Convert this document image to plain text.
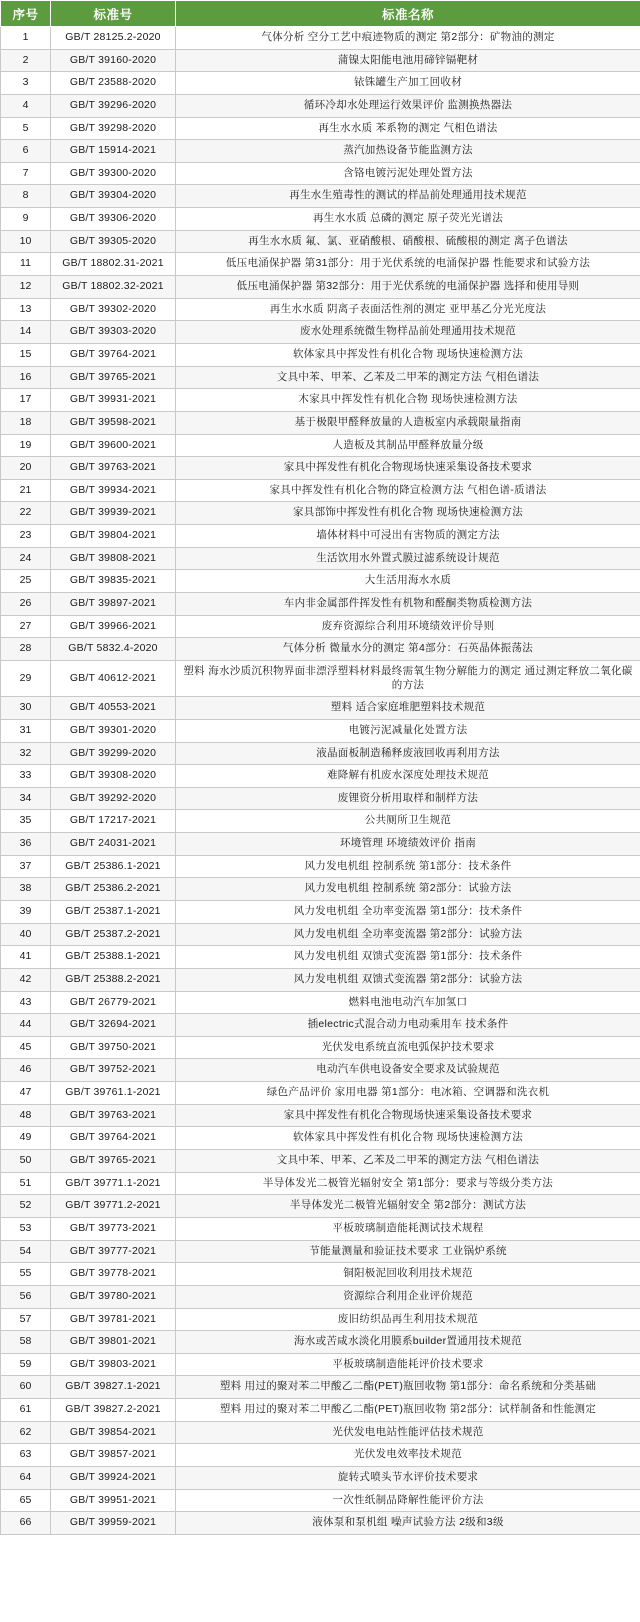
序号	标准号	标准名称
1	GB/T 28125.2-2020	气体分析 空分工艺中痕迹物质的测定 第2部分：矿物油的测定
2	GB/T 39160-2020	蒲镍太阳能电池用碲锌镉靶材
3	GB/T 23588-2020	铱铢罐生产加工回收材
4	GB/T 39296-2020	循环冷却水处理运行效果评价 监测换热器法
5	GB/T 39298-2020	再生水水质 苯系物的测定 气相色谱法
6	GB/T 15914-2021	蒸汽加热设备节能监测方法
7	GB/T 39300-2020	含铬电镀污泥处理处置方法
8	GB/T 39304-2020	再生水生殖毒性的测试的样品前处理通用技术规范
9	GB/T 39306-2020	再生水水质 总磷的测定 原子荧光光谱法
10	GB/T 39305-2020	再生水水质 氟、氯、亚硝酸根、硝酸根、硫酸根的测定 离子色谱法
11	GB/T 18802.31-2021	低压电涌保护器 第31部分：用于光伏系统的电涌保护器 性能要求和试验方法
12	GB/T 18802.32-2021	低压电涌保护器 第32部分：用于光伏系统的电涌保护器 选择和使用导则
13	GB/T 39302-2020	再生水水质 阴离子表面活性剂的测定 亚甲基乙分光光度法
14	GB/T 39303-2020	废水处理系统微生物样品前处理通用技术规范
15	GB/T 39764-2021	软体家具中挥发性有机化合物 现场快速检测方法
16	GB/T 39765-2021	文具中苯、甲苯、乙苯及二甲苯的测定方法 气相色谱法
17	GB/T 39931-2021	木家具中挥发性有机化合物 现场快速检测方法
18	GB/T 39598-2021	基于极限甲醛释放量的人造板室内承载限量指南
19	GB/T 39600-2021	人造板及其制品甲醛释放量分级
20	GB/T 39763-2021	家具中挥发性有机化合物现场快速采集设备技术要求
21	GB/T 39934-2021	家具中挥发性有机化合物的降宣检测方法 气相色谱-质谱法
22	GB/T 39939-2021	家具部饰中挥发性有机化合物 现场快速检测方法
23	GB/T 39804-2021	墙体材料中可浸出有害物质的测定方法
24	GB/T 39808-2021	生活饮用水外置式膜过滤系统设计规范
25	GB/T 39835-2021	大生活用海水水质
26	GB/T 39897-2021	车内非金属部件挥发性有机物和醛酮类物质检测方法
27	GB/T 39966-2021	废弃资源综合利用环境绩效评价导则
28	GB/T 5832.4-2020	气体分析 微量水分的测定 第4部分：石英晶体振荡法
29	GB/T 40612-2021	塑料 海水沙质沉积物界面非漂浮塑料材料最终需氧生物分解能力的测定 通过测定释放二氧化碳的方法
30	GB/T 40553-2021	塑料 适合家庭堆肥塑料技术规范
31	GB/T 39301-2020	电镀污泥减量化处置方法
32	GB/T 39299-2020	液晶面板制造稀释废液回收再利用方法
33	GB/T 39308-2020	难降解有机废水深度处理技术规范
34	GB/T 39292-2020	废锂资分析用取样和制样方法
35	GB/T 17217-2021	公共厕所卫生规范
36	GB/T 24031-2021	环境管理 环境绩效评价 指南
37	GB/T 25386.1-2021	风力发电机组 控制系统 第1部分：技术条件
38	GB/T 25386.2-2021	风力发电机组 控制系统 第2部分：试验方法
39	GB/T 25387.1-2021	风力发电机组 全功率变流器 第1部分：技术条件
40	GB/T 25387.2-2021	风力发电机组 全功率变流器 第2部分：试验方法
41	GB/T 25388.1-2021	风力发电机组 双馈式变流器 第1部分：技术条件
42	GB/T 25388.2-2021	风力发电机组 双馈式变流器 第2部分：试验方法
43	GB/T 26779-2021	燃料电池电动汽车加氢口
44	GB/T 32694-2021	插electric式混合动力电动乘用车 技术条件
45	GB/T 39750-2021	光伏发电系统直流电弧保护技术要求
46	GB/T 39752-2021	电动汽车供电设备安全要求及试验规范
47	GB/T 39761.1-2021	绿色产品评价 家用电器 第1部分：电冰箱、空调器和洗衣机
48	GB/T 39763-2021	家具中挥发性有机化合物现场快速采集设备技术要求
49	GB/T 39764-2021	软体家具中挥发性有机化合物 现场快速检测方法
50	GB/T 39765-2021	文具中苯、甲苯、乙苯及二甲苯的测定方法 气相色谱法
51	GB/T 39771.1-2021	半导体发光二极管光辐射安全 第1部分：要求与等级分类方法
52	GB/T 39771.2-2021	半导体发光二极管光辐射安全 第2部分：测试方法
53	GB/T 39773-2021	平板玻璃制造能耗测试技术规程
54	GB/T 39777-2021	节能量测量和验证技术要求 工业锅炉系统
55	GB/T 39778-2021	铜阳极泥回收利用技术规范
56	GB/T 39780-2021	资源综合利用企业评价规范
57	GB/T 39781-2021	废旧纺织品再生利用技术规范
58	GB/T 39801-2021	海水或苦咸水淡化用膜系builder置通用技术规范
59	GB/T 39803-2021	平板玻璃制造能耗评价技术要求
60	GB/T 39827.1-2021	塑料 用过的聚对苯二甲酸乙二酯(PET)瓶回收物 第1部分：命名系统和分类基础
61	GB/T 39827.2-2021	塑料 用过的聚对苯二甲酸乙二酯(PET)瓶回收物 第2部分：试样制备和性能测定
62	GB/T 39854-2021	光伏发电电站性能评估技术规范
63	GB/T 39857-2021	光伏发电效率技术规范
64	GB/T 39924-2021	旋转式喷头节水评价技术要求
65	GB/T 39951-2021	一次性纸制品降解性能评价方法
66	GB/T 39959-2021	液体泵和泵机组 噪声试验方法 2级和3级
